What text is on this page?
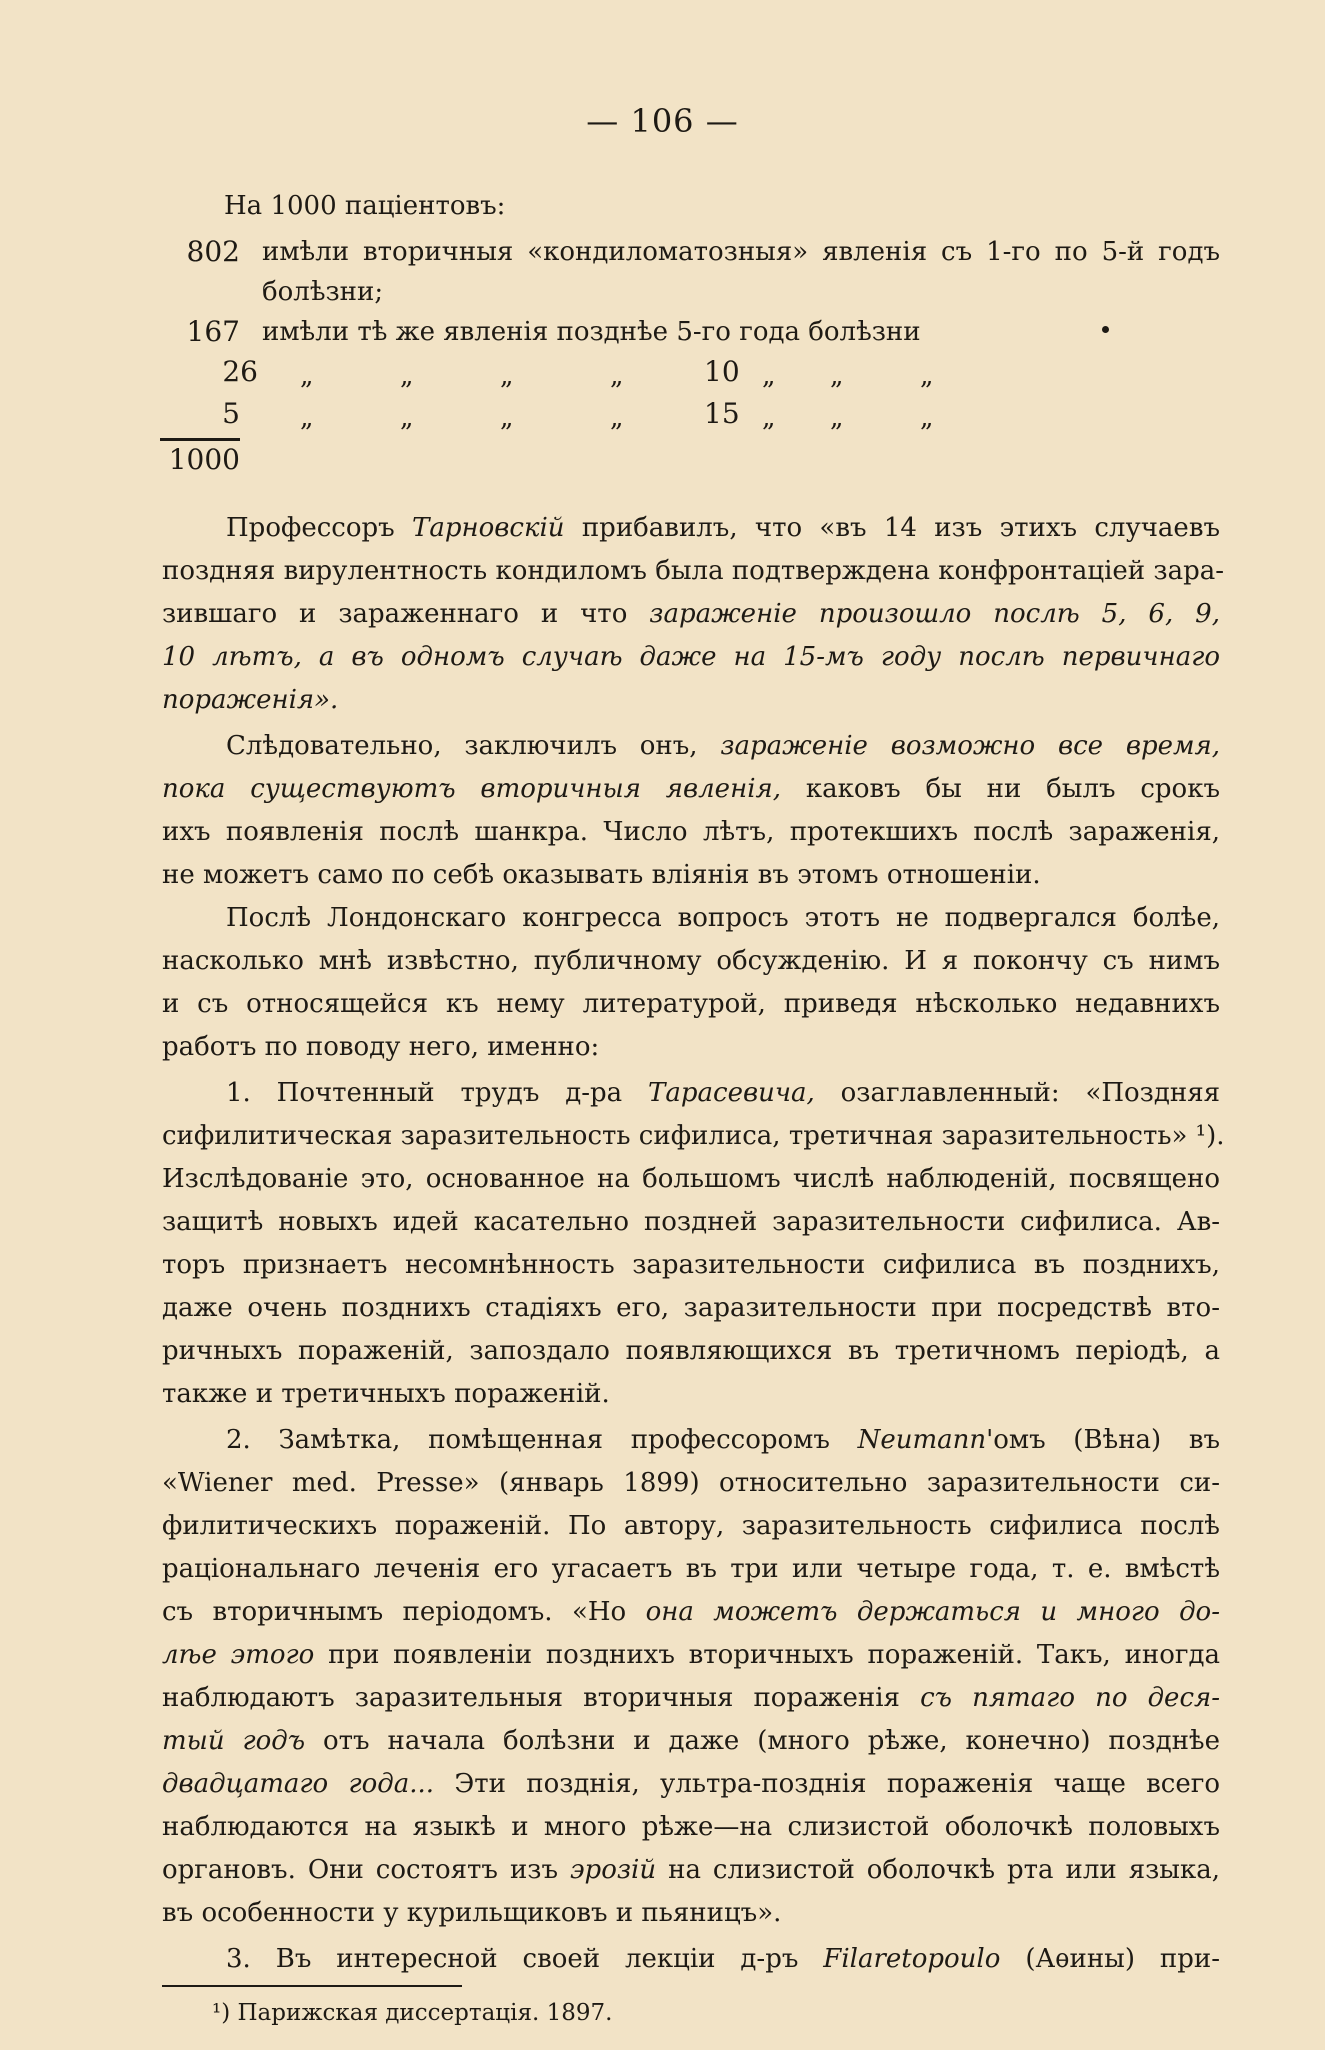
— 106 —
На 1000 паціентовъ:
802 имѣли вторичныя «кондиломатозныя» явленія съ 1-го по 5-й годъ
болѣзни;
167 имѣли тѣ же явленія позднѣе 5-го года болѣзни
26 „	„	„	„	10 „ „	„
5 „	„	„	„	15 „ „	„
1000
Профессоръ Тарновскій прибавилъ, что «въ 14 изъ этихъ случаевъ
поздняя вирулентность кондиломъ была подтверждена конфронтаціей зара-
зившаго и зараженнаго и что зараженіе произошло послѣ 5, 6, 9,
10 лѣтъ, а въ одномъ случаѣ даже на 15-мъ году послѣ первичнаго
пораженія».
Слѣдовательно, заключилъ онъ, зараженіе возможно все время,
пока существуютъ вторичныя явленія, каковъ бы ни былъ срокъ
ихъ появленія послѣ шанкра. Число лѣтъ, протекшихъ послѣ зараженія,
не можетъ само по себѣ оказывать вліянія въ этомъ отношеніи.
Послѣ Лондонскаго конгресса вопросъ этотъ не подвергался болѣе,
насколько мнѣ извѣстно, публичному обсужденію. И я покончу съ нимъ
и съ относящейся къ нему литературой, приведя нѣсколько недавнихъ
работъ по поводу него, именно:
1. Почтенный трудъ д-ра Тарасевича, озаглавленный: «Поздняя
сифилитическая заразительность сифилиса, третичная заразительность» ¹).
Изслѣдованіе это, основанное на большомъ числѣ наблюденій, посвящено
защитѣ новыхъ идей касательно поздней заразительности сифилиса. Ав-
торъ признаетъ несомнѣнность заразительности сифилиса въ позднихъ,
даже очень позднихъ стадіяхъ его, заразительности при посредствѣ вто-
ричныхъ пораженій, запоздало появляющихся въ третичномъ періодѣ, а
также и третичныхъ пораженій.
2. Замѣтка, помѣщенная профессоромъ Neumann'омъ (Вѣна) въ
«Wiener med. Presse» (январь 1899) относительно заразительности си-
филитическихъ пораженій. По автору, заразительность сифилиса послѣ
раціональнаго леченія его угасаетъ въ три или четыре года, т. е. вмѣстѣ
съ вторичнымъ періодомъ. «Но она можетъ держаться и много до-
лѣе этого при появленіи позднихъ вторичныхъ пораженій. Такъ, иногда
наблюдаютъ заразительныя вторичныя пораженія съ пятаго по деся-
тый годъ отъ начала болѣзни и даже (много рѣже, конечно) позднѣе
двадцатаго года... Эти позднія, ультра-позднія пораженія чаще всего
наблюдаются на языкѣ и много рѣже—на слизистой оболочкѣ половыхъ
органовъ. Они состоятъ изъ эрозій на слизистой оболочкѣ рта или языка,
въ особенности у курильщиковъ и пьяницъ».
3. Въ интересной своей лекціи д-ръ Filaretopoulo (Аѳины) при-
¹) Парижская диссертація. 1897.
